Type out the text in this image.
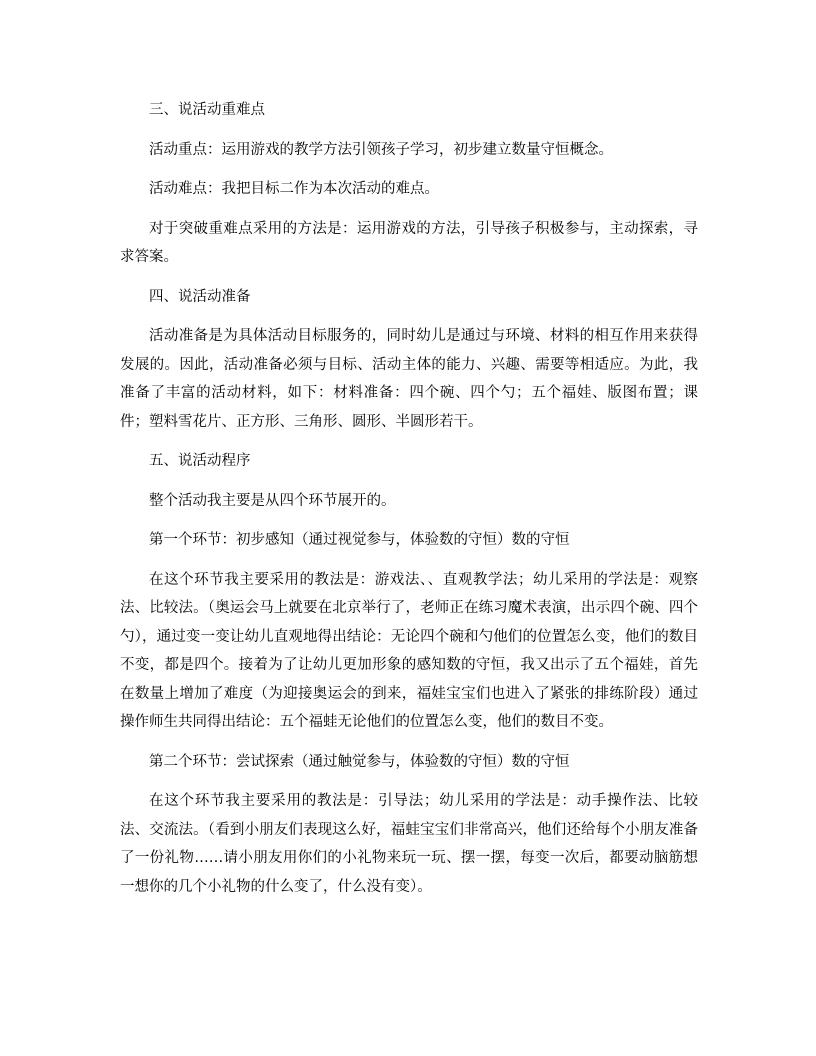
三、说活动重难点

活动重点：运用游戏的教学方法引领孩子学习，初步建立数量守恒概念。

活动难点：我把目标二作为本次活动的难点。

对于突破重难点采用的方法是：运用游戏的方法，引导孩子积极参与，主动探索，寻求答案。

四、说活动准备

活动准备是为具体活动目标服务的，同时幼儿是通过与环境、材料的相互作用来获得发展的。因此，活动准备必须与目标、活动主体的能力、兴趣、需要等相适应。为此，我准备了丰富的活动材料，如下：材料准备：四个碗、四个勺；五个福娃、版图布置；课件；塑料雪花片、正方形、三角形、圆形、半圆形若干。

五、说活动程序

整个活动我主要是从四个环节展开的。

第一个环节：初步感知（通过视觉参与，体验数的守恒）数的守恒

在这个环节我主要采用的教法是：游戏法、、直观教学法；幼儿采用的学法是：观察法、比较法。（奥运会马上就要在北京举行了，老师正在练习魔术表演，出示四个碗、四个勺），通过变一变让幼儿直观地得出结论：无论四个碗和勺他们的位置怎么变，他们的数目不变，都是四个。接着为了让幼儿更加形象的感知数的守恒，我又出示了五个福娃，首先在数量上增加了难度（为迎接奥运会的到来，福娃宝宝们也进入了紧张的排练阶段）通过操作师生共同得出结论：五个福蛙无论他们的位置怎么变，他们的数目不变。

第二个环节：尝试探索（通过触觉参与，体验数的守恒）数的守恒

在这个环节我主要采用的教法是：引导法；幼儿采用的学法是：动手操作法、比较法、交流法。（看到小朋友们表现这么好，福蛙宝宝们非常高兴，他们还给每个小朋友准备了一份礼物……请小朋友用你们的小礼物来玩一玩、摆一摆，每变一次后，都要动脑筋想一想你的几个小礼物的什么变了，什么没有变）。
